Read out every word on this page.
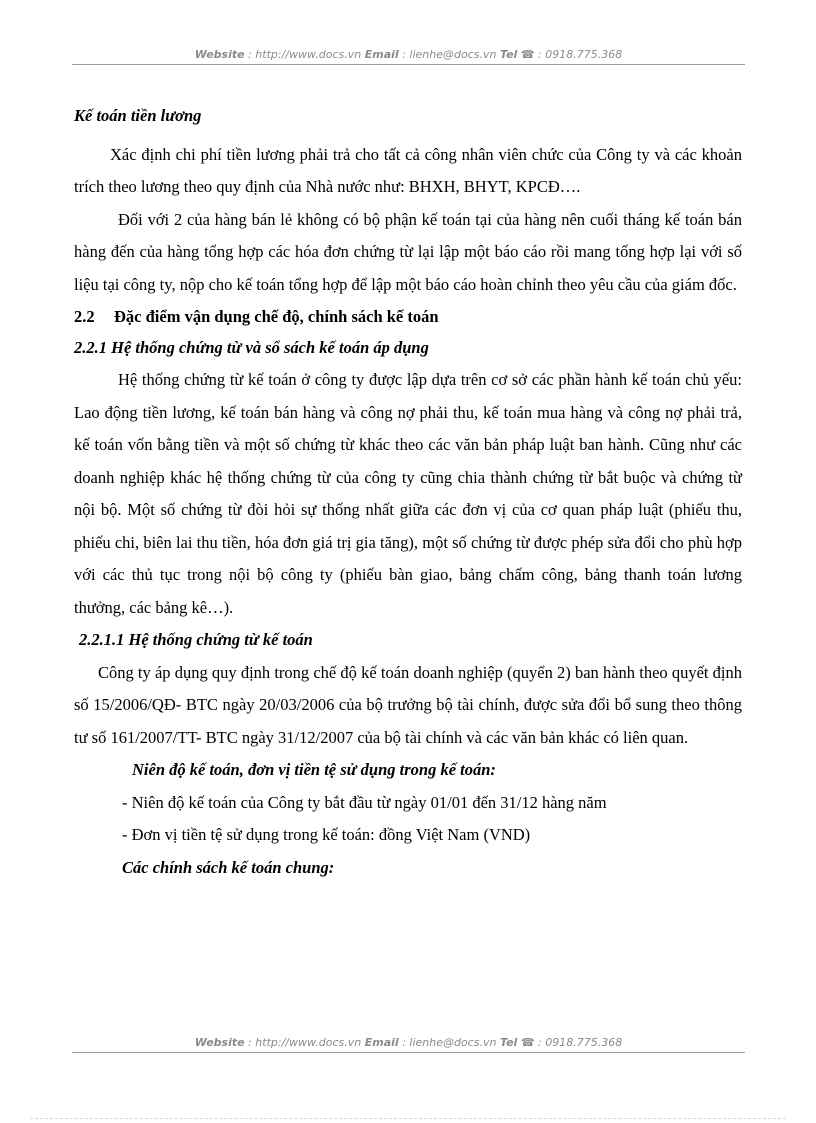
Website : http://www.docs.vn Email : lienhe@docs.vn Tel ☎ : 0918.775.368

Kế toán tiền lương

Xác định chi phí tiền lương phải trả cho tất cả công nhân viên chức của Công ty và các khoản trích theo lương theo quy định của Nhà nước như: BHXH, BHYT, KPCĐ….

Đối với 2 của hàng bán lẻ không có bộ phận kế toán tại của hàng nên cuối tháng kế toán bán hàng đến của hàng tổng hợp các hóa đơn chứng từ lại lập một báo cáo rồi mang tổng hợp lại với số liệu tại công ty, nộp cho kế toán tổng hợp để lập một báo cáo hoàn chỉnh theo yêu cầu của giám đốc.

2.2 Đặc điểm vận dụng chế độ, chính sách kế toán

2.2.1 Hệ thống chứng từ và sổ sách kế toán áp dụng

Hệ thống chứng từ kế toán ở công ty được lập dựa trên cơ sở các phần hành kế toán chủ yếu: Lao động tiền lương, kế toán bán hàng và công nợ phải thu, kế toán mua hàng và công nợ phải trả, kế toán vốn bằng tiền và một số chứng từ khác theo các văn bản pháp luật ban hành. Cũng như các doanh nghiệp khác hệ thống chứng từ của công ty cũng chia thành chứng từ bắt buộc và chứng từ nội bộ. Một số chứng từ đòi hỏi sự thống nhất giữa các đơn vị của cơ quan pháp luật (phiếu thu, phiếu chi, biên lai thu tiền, hóa đơn giá trị gia tăng), một số chứng từ được phép sửa đổi cho phù hợp với các thủ tục trong nội bộ công ty (phiếu bàn giao, bảng chấm công, bảng thanh toán lương thưởng, các bảng kê…).

2.2.1.1 Hệ thống chứng từ kế toán

Công ty áp dụng quy định trong chế độ kế toán doanh nghiệp (quyển 2) ban hành theo quyết định số 15/2006/QĐ- BTC ngày 20/03/2006 của bộ trưởng bộ tài chính, được sửa đổi bổ sung theo thông tư số 161/2007/TT- BTC ngày 31/12/2007 của bộ tài chính và các văn bản khác có liên quan.

Niên độ kế toán, đơn vị tiền tệ sử dụng trong kế toán:

- Niên độ kế toán của Công ty bắt đầu từ ngày 01/01 đến 31/12 hàng năm

- Đơn vị tiền tệ sử dụng trong kế toán: đồng Việt Nam (VND)

Các chính sách kế toán chung:

Website : http://www.docs.vn Email : lienhe@docs.vn Tel ☎ : 0918.775.368
